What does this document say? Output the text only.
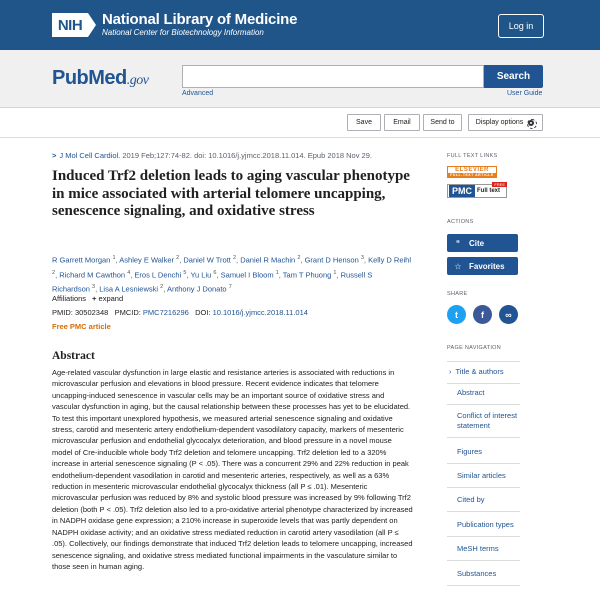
NIH	National Library of Medicine
National Center for Biotechnology Information
Log in
PubMed.gov	Search
Advanced	User Guide
Save	Email	Send to	Display options
> J Mol Cell Cardiol. 2019 Feb;127:74-82. doi: 10.1016/j.yjmcc.2018.11.014. Epub 2018 Nov 29.
Induced Trf2 deletion leads to aging vascular phenotype in mice associated with arterial telomere uncapping, senescence signaling, and oxidative stress
R Garrett Morgan $^1$, Ashley E Walker $^2$, Daniel W Trott $^2$, Daniel R Machin $^2$, Grant D Henson $^3$, Kelly D Reihl $^2$, Richard M Cawthon $^4$, Eros L Denchi $^5$, Yu Liu $^6$, Samuel I Bloom $^1$, Tam T Phuong $^1$, Russell S Richardson $^3$, Lisa A Lesniewski $^2$, Anthony J Donato $^7$
Affiliations + expand
PMID: 30502348 PMCID: PMC7216296 DOI: 10.1016/j.yjmcc.2018.11.014
Free PMC article
Abstract

Age-related vascular dysfunction in large elastic and resistance arteries is associated with reductions in microvascular perfusion and elevations in blood pressure. Recent evidence indicates that telomere uncapping-induced senescence in vascular cells may be an important source of oxidative stress and vascular dysfunction in aging, but the causal relationship between these processes has yet to be elucidated. To test this important unexplored hypothesis, we measured arterial senescence signaling and oxidative stress, carotid and mesenteric artery endothelium-dependent vasodilatory capacity, markers of mesenteric microvascular perfusion and endothelial glycocalyx deterioration, and blood pressure in a novel mouse model of Cre-inducible whole body Trf2 deletion and telomere uncapping. Trf2 deletion led to a 320% increase in arterial senescence signaling (P < .05). There was a concurrent 29% and 22% reduction in peak endothelium-dependent vasodilation in carotid and mesenteric arteries, respectively, as well as a 63% reduction in mesenteric microvascular endothelial glycocalyx thickness (all P ≤ .01). Mesenteric microvascular perfusion was reduced by 8% and systolic blood pressure was increased by 9% following Trf2 deletion (both P < .05). Trf2 deletion also led to a pro-oxidative arterial phenotype characterized by increased in NADPH oxidase gene expression; a 210% increase in superoxide levels that was partly dependent on NADPH oxidase activity; and an oxidative stress mediated reduction in carotid artery vasodilation (all P ≤ .05). Collectively, our findings demonstrate that induced Trf2 deletion leads to telomere uncapping, increased senescence signaling, and oxidative stress mediated functional impairments in the vasculature similar to those seen in human aging.

FULL TEXT LINKS
ELSEVIER
FULL-TEXT ARTICLE
PMC Full text
FREE
ACTIONS
“	Cite
☆ Favorites
SHARE
t	f	∞
PAGE NAVIGATION
› Title & authors
Abstract
Conflict of interest statement
Figures
Similar articles
Cited by
Publication types
MeSH terms
Substances
